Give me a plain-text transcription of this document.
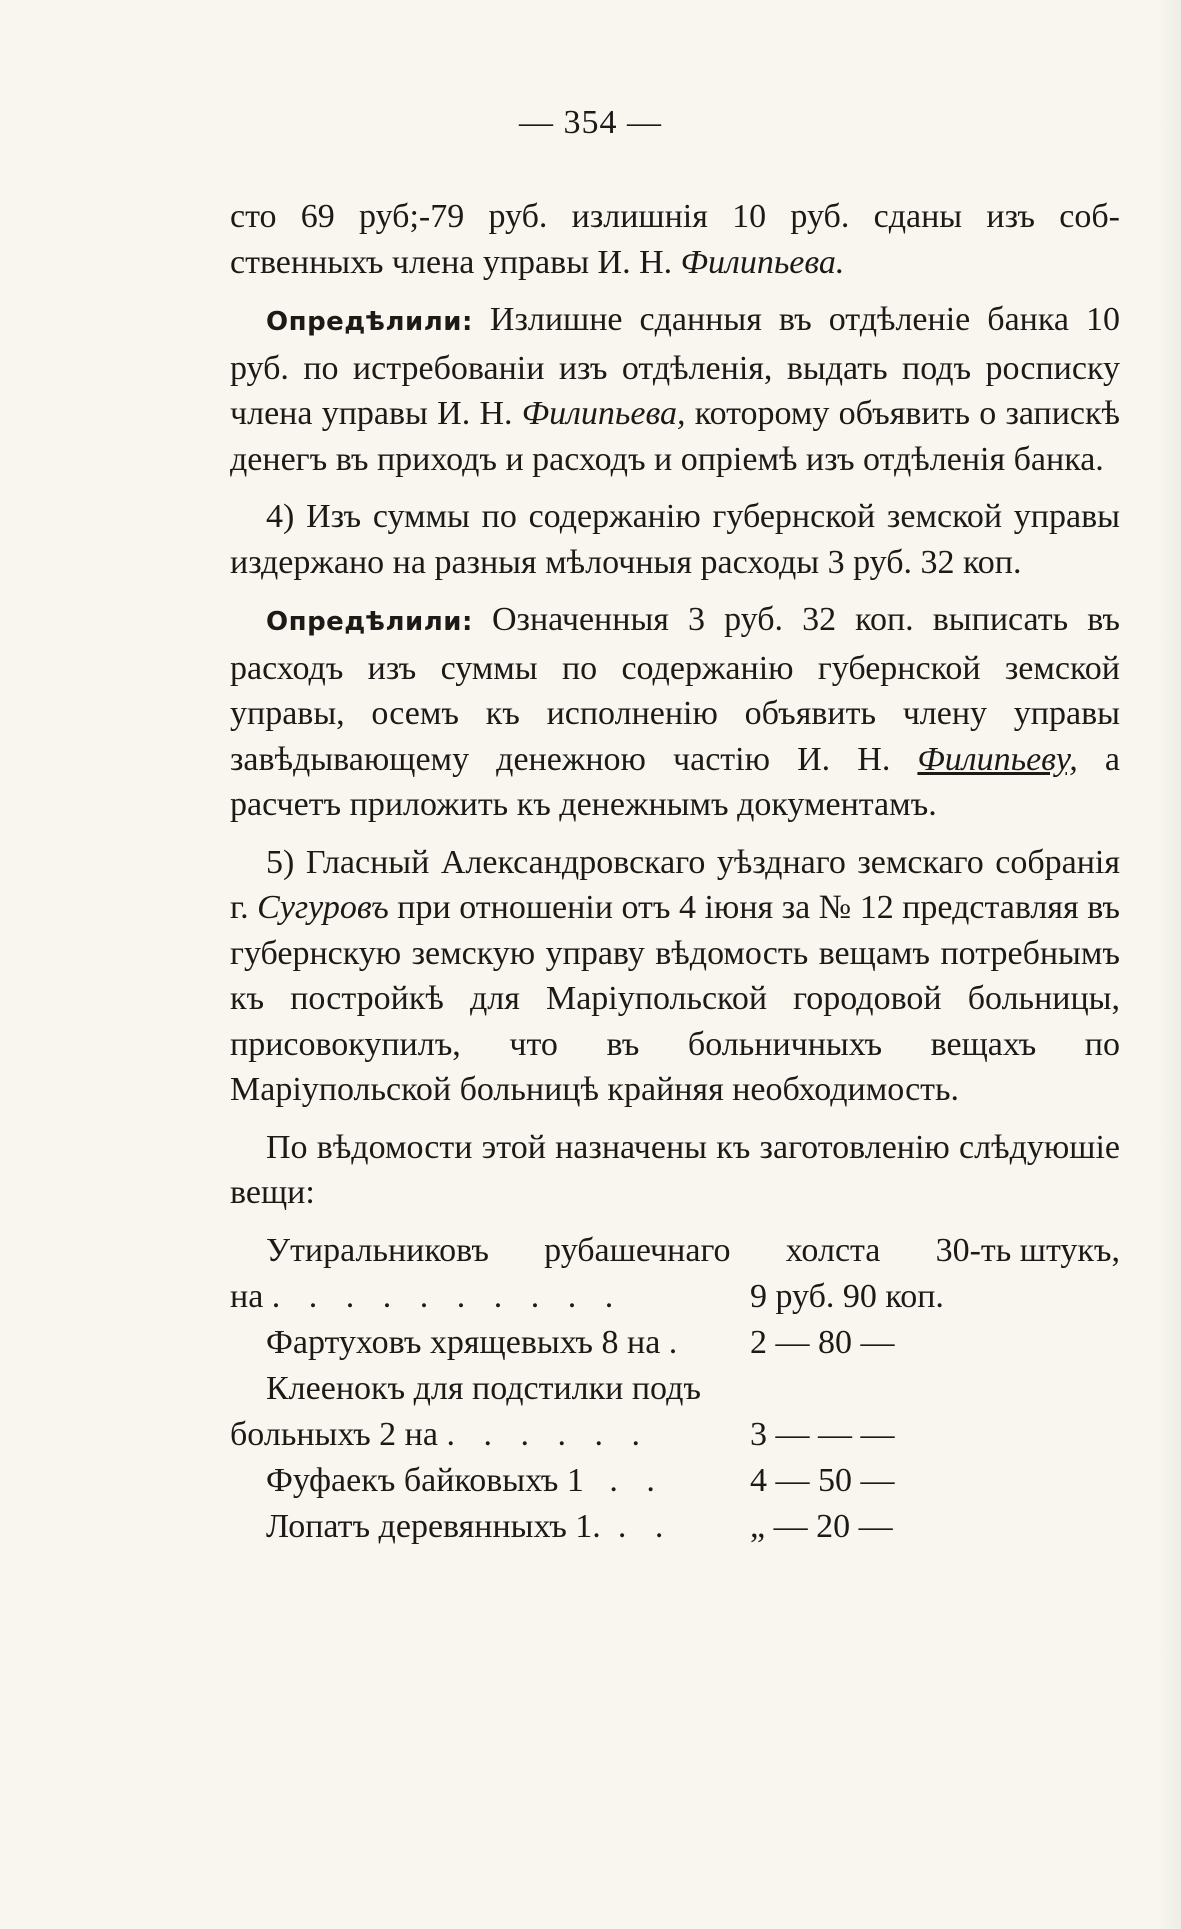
— 354 —
сто 69 руб;-79 руб. излишнія 10 руб. сданы изъ соб- ственныхъ члена управы И. Н. Филипьева.
Опредѣлили: Излишне сданныя въ отдѣленіе банка 10 руб. по истребованіи изъ отдѣленія, выдать подъ роспиcку члена управы И. Н. Филипьева, которому объявить о запискѣ денегъ въ приходъ и расходъ и опріемѣ изъ отдѣленія банка.
4) Изъ суммы по содержанію губернской земской управы издержано на разныя мѣлочныя расходы 3 руб. 32 коп.
Опредѣлили: Означенныя 3 руб. 32 коп. выписать въ расходъ изъ суммы по содержанію губернской земской управы, осемъ къ исполненію объявить члену управы завѣдывающему денежною частію И. Н. Филипьеву, а расчетъ приложить къ денежнымъ документамъ.
5) Гласный Александровскаго уѣзднаго земскаго собранія г. Сугуровъ при отношеніи отъ 4 іюня за № 12 представляя въ губернскую земскую управу вѣдомость вещамъ потребнымъ къ постройкѣ для Маріупольской городовой больницы, присовокупилъ, что въ больничныхъ вещахъ по Маріупольской больницѣ крайняя необходимость.
По вѣдомости этой назначены къ заготовленію слѣдуюшіе вещи:
Утиральниковъ рубашечнаго холста 30-ть штукъ,
на . . . . . . . . . .	9 руб. 90 коп.
Фартуховъ хрящевыхъ 8 на .	2 — 80 —
Клеенокъ для подстилки подъ
больныхъ 2 на . . . . . .	3 — — —
Фуфаекъ байковыхъ 1 . .	4 — 50 —
Лопатъ деревянныхъ 1. . .	„ — 20 —
